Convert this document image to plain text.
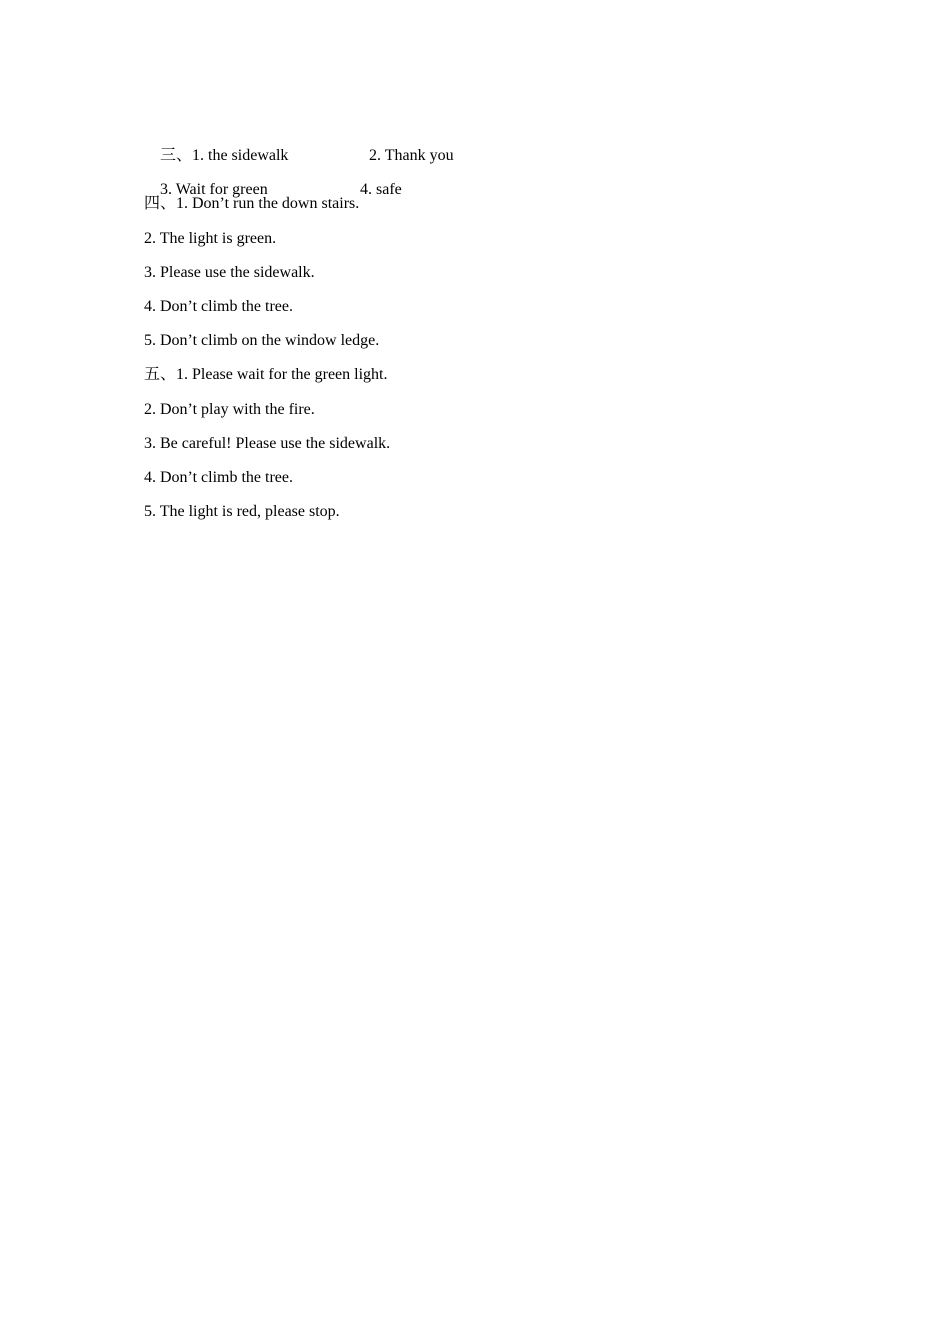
三、1. the sidewalk	2. Thank you

3. Wait for green	4. safe

四、1. Don’t run the down stairs.
2. The light is green.
3. Please use the sidewalk.
4. Don’t climb the tree.
5. Don’t climb on the window ledge.
五、1. Please wait for the green light.
2. Don’t play with the fire.
3. Be careful! Please use the sidewalk.
4. Don’t climb the tree.
5. The light is red, please stop.
